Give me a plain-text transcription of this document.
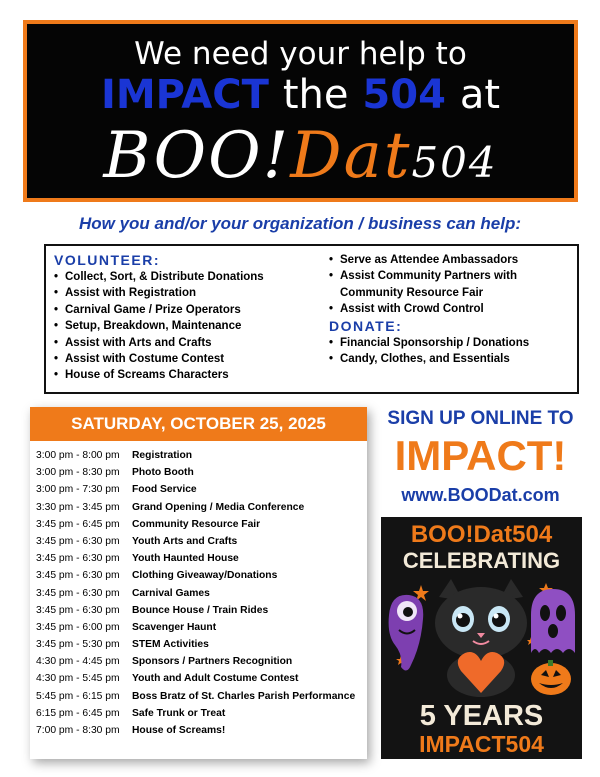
We need your help to
IMPACT the 504 at
BOO!Dat504
How you and/or your organization / business can help:
VOLUNTEER:
• Collect, Sort, & Distribute Donations
• Assist with Registration
• Carnival Game / Prize Operators
• Setup, Breakdown, Maintenance
• Assist with Arts and Crafts
• Assist with Costume Contest
• House of Screams Characters
• Serve as Attendee Ambassadors
• Assist Community Partners with
Community Resource Fair
• Assist with Crowd Control
DONATE:
• Financial Sponsorship / Donations
• Candy, Clothes, and Essentials
SATURDAY, OCTOBER 25, 2025
3:00 pm - 8:00 pm	Registration
3:00 pm - 8:30 pm	Photo Booth
3:00 pm - 7:30 pm	Food Service
3:30 pm - 3:45 pm	Grand Opening / Media Conference
3:45 pm - 6:45 pm	Community Resource Fair
3:45 pm - 6:30 pm	Youth Arts and Crafts
3:45 pm - 6:30 pm	Youth Haunted House
3:45 pm - 6:30 pm	Clothing Giveaway/Donations
3:45 pm - 6:30 pm	Carnival Games
3:45 pm - 6:30 pm	Bounce House / Train Rides
3:45 pm - 6:00 pm	Scavenger Haunt
3:45 pm - 5:30 pm	STEM Activities
4:30 pm - 4:45 pm	Sponsors / Partners Recognition
4:30 pm - 5:45 pm	Youth and Adult Costume Contest
5:45 pm - 6:15 pm	Boss Bratz of St. Charles Parish Performance
6:15 pm - 6:45 pm	Safe Trunk or Treat
7:00 pm - 8:30 pm	House of Screams!
SIGN UP ONLINE TO
IMPACT!
www.BOODat.com
BOO!Dat504
CELEBRATING
5 YEARS
IMPACT504
